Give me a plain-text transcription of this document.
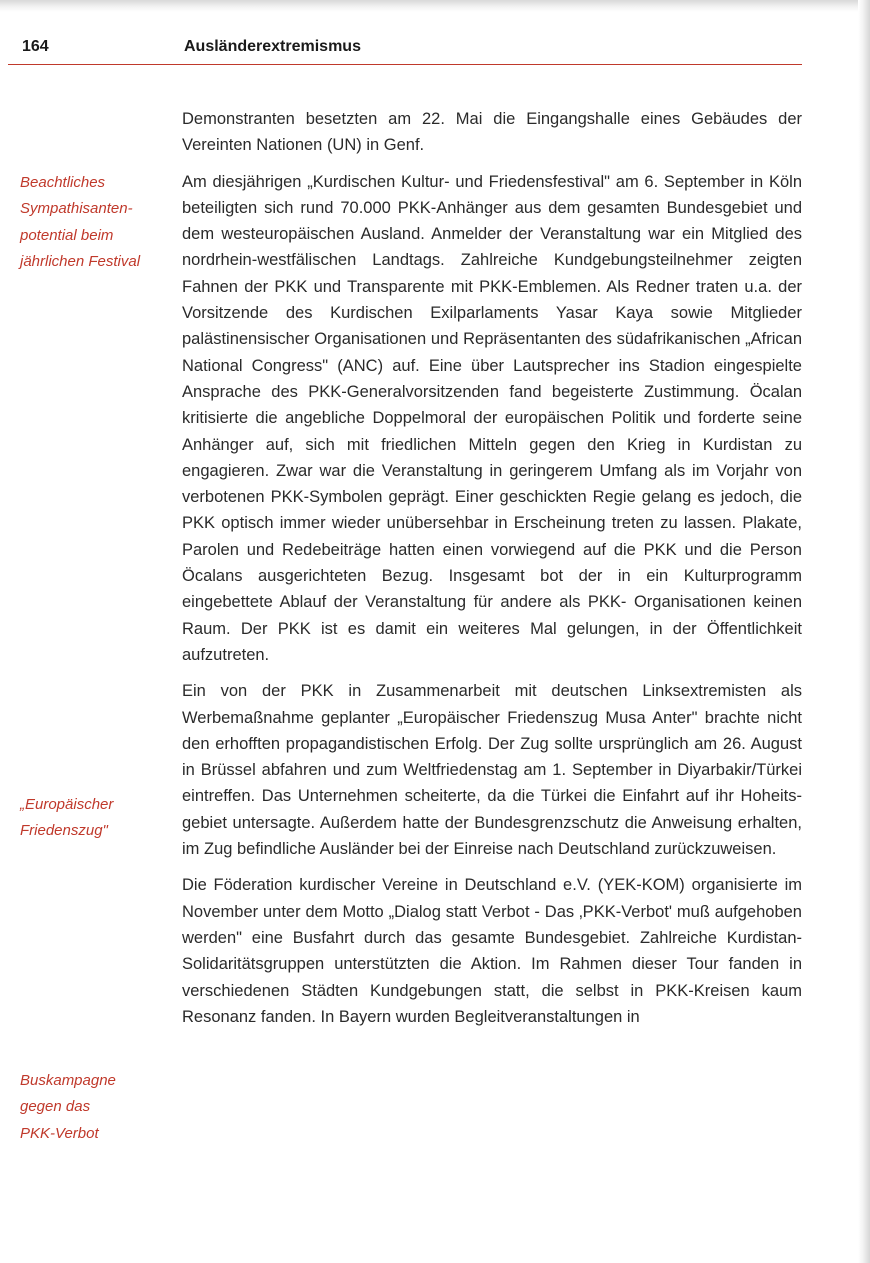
164	Ausländerextremismus
Beachtliches
Sympathisanten-
potential beim
jährlichen Festival
„Europäischer
Friedenszug"
Buskampagne
gegen das
PKK-Verbot

Demonstranten besetzten am 22. Mai die Eingangshalle eines Gebäudes der Vereinten Nationen (UN) in Genf.

Am diesjährigen „Kurdischen Kultur- und Friedensfestival" am 6. September in Köln beteiligten sich rund 70.000 PKK-Anhänger aus dem gesamten Bundesgebiet und dem westeuropäischen Ausland. Anmelder der Veranstaltung war ein Mitglied des nordrhein-westfälischen Landtags. Zahlreiche Kundgebungsteilnehmer zeigten Fahnen der PKK und Transparente mit PKK-Emblemen. Als Redner traten u.a. der Vorsitzende des Kurdischen Exilparlaments Yasar Kaya sowie Mitglieder palästinensischer Organisationen und Repräsentanten des südafrikanischen „African National Congress" (ANC) auf. Eine über Lautsprecher ins Stadion eingespielte Ansprache des PKK-Generalvorsitzenden fand begeisterte Zustimmung. Öcalan kritisierte die angebliche Doppelmoral der europäischen Politik und forderte seine Anhänger auf, sich mit friedlichen Mitteln gegen den Krieg in Kurdistan zu engagieren. Zwar war die Veranstaltung in geringerem Umfang als im Vorjahr von verbotenen PKK-Symbolen geprägt. Einer geschickten Regie gelang es jedoch, die PKK optisch immer wieder unübersehbar in Erscheinung treten zu lassen. Plakate, Parolen und Redebeiträge hatten einen vorwiegend auf die PKK und die Person Öcalans ausgerichteten Bezug. Insgesamt bot der in ein Kulturprogramm eingebettete Ablauf der Veranstaltung für andere als PKK- Organisationen keinen Raum. Der PKK ist es damit ein weiteres Mal gelungen, in der Öffentlichkeit aufzutreten.

Ein von der PKK in Zusammenarbeit mit deutschen Linksextremisten als Werbemaßnahme geplanter „Europäischer Friedenszug Musa Anter" brachte nicht den erhofften propagandistischen Erfolg. Der Zug sollte ursprünglich am 26. August in Brüssel abfahren und zum Weltfriedenstag am 1. September in Diyarbakir/Türkei eintreffen. Das Unternehmen scheiterte, da die Türkei die Einfahrt auf ihr Hoheitsgebiet untersagte. Außerdem hatte der Bundesgrenzschutz die Anweisung erhalten, im Zug befindliche Ausländer bei der Einreise nach Deutschland zurückzuweisen.

Die Föderation kurdischer Vereine in Deutschland e.V. (YEK-KOM) organisierte im November unter dem Motto „Dialog statt Verbot - Das ‚PKK-Verbot' muß aufgehoben werden" eine Busfahrt durch das gesamte Bundesgebiet. Zahlreiche Kurdistan-Solidaritätsgruppen unterstützten die Aktion. Im Rahmen dieser Tour fanden in verschiedenen Städten Kundgebungen statt, die selbst in PKK-Kreisen kaum Resonanz fanden. In Bayern wurden Begleitveranstaltungen in
